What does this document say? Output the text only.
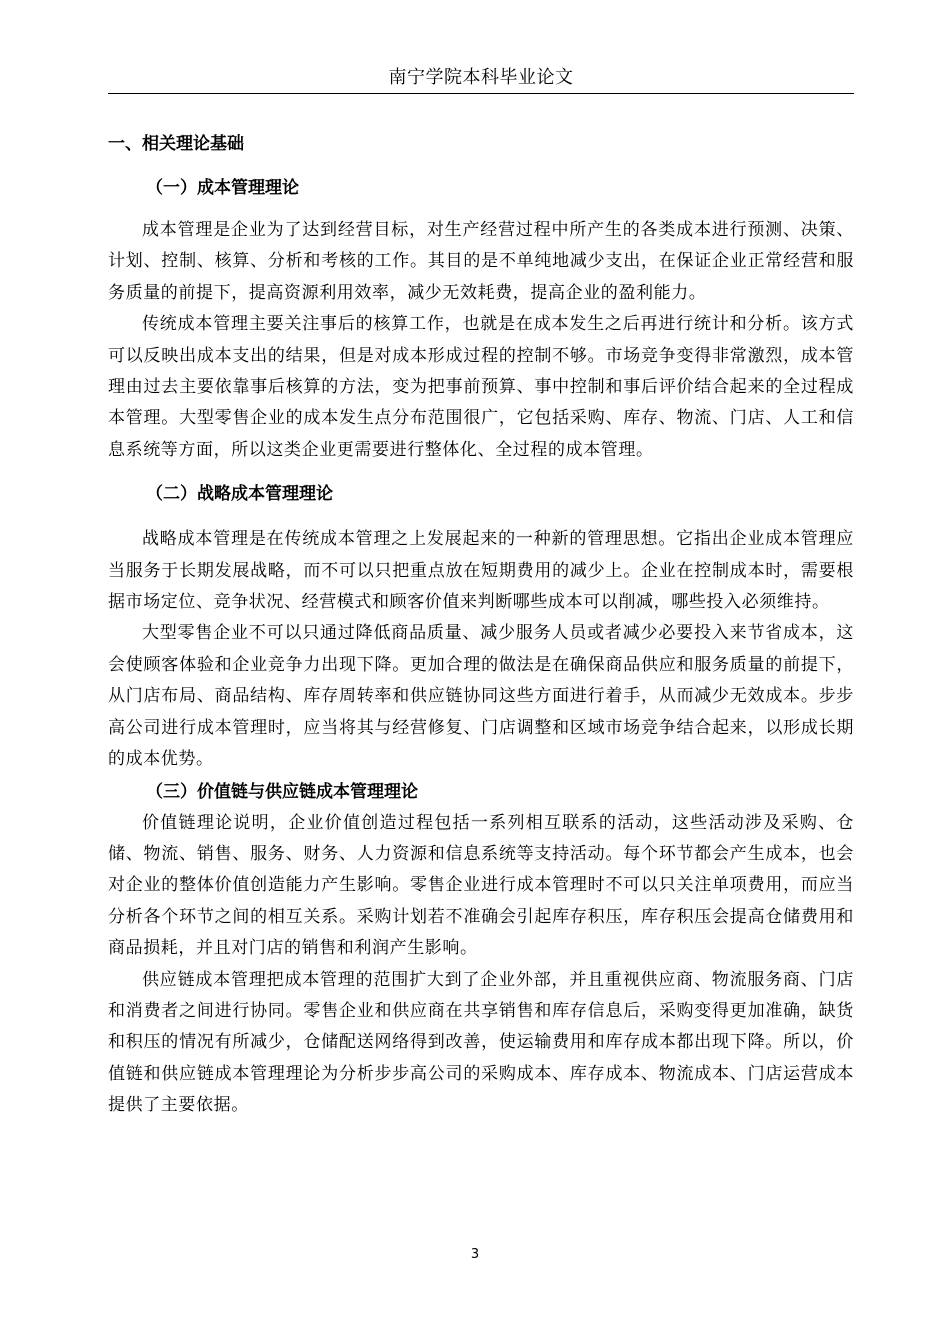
南宁学院本科毕业论文
一、相关理论基础
（一）成本管理理论

成本管理是企业为了达到经营目标，对生产经营过程中所产生的各类成本进行预测、决策、计划、控制、核算、分析和考核的工作。其目的是不单纯地减少支出，在保证企业正常经营和服务质量的前提下，提高资源利用效率，减少无效耗费，提高企业的盈利能力。

传统成本管理主要关注事后的核算工作，也就是在成本发生之后再进行统计和分析。该方式可以反映出成本支出的结果，但是对成本形成过程的控制不够。市场竞争变得非常激烈，成本管理由过去主要依靠事后核算的方法，变为把事前预算、事中控制和事后评价结合起来的全过程成本管理。大型零售企业的成本发生点分布范围很广，它包括采购、库存、物流、门店、人工和信息系统等方面，所以这类企业更需要进行整体化、全过程的成本管理。

（二）战略成本管理理论

战略成本管理是在传统成本管理之上发展起来的一种新的管理思想。它指出企业成本管理应当服务于长期发展战略，而不可以只把重点放在短期费用的减少上。企业在控制成本时，需要根据市场定位、竞争状况、经营模式和顾客价值来判断哪些成本可以削减，哪些投入必须维持。

大型零售企业不可以只通过降低商品质量、减少服务人员或者减少必要投入来节省成本，这会使顾客体验和企业竞争力出现下降。更加合理的做法是在确保商品供应和服务质量的前提下，从门店布局、商品结构、库存周转率和供应链协同这些方面进行着手，从而减少无效成本。步步高公司进行成本管理时，应当将其与经营修复、门店调整和区域市场竞争结合起来，以形成长期的成本优势。

（三）价值链与供应链成本管理理论

价值链理论说明，企业价值创造过程包括一系列相互联系的活动，这些活动涉及采购、仓储、物流、销售、服务、财务、人力资源和信息系统等支持活动。每个环节都会产生成本，也会对企业的整体价值创造能力产生影响。零售企业进行成本管理时不可以只关注单项费用，而应当分析各个环节之间的相互关系。采购计划若不准确会引起库存积压，库存积压会提高仓储费用和商品损耗，并且对门店的销售和利润产生影响。

供应链成本管理把成本管理的范围扩大到了企业外部，并且重视供应商、物流服务商、门店和消费者之间进行协同。零售企业和供应商在共享销售和库存信息后，采购变得更加准确，缺货和积压的情况有所减少，仓储配送网络得到改善，使运输费用和库存成本都出现下降。所以，价值链和供应链成本管理理论为分析步步高公司的采购成本、库存成本、物流成本、门店运营成本提供了主要依据。

3
